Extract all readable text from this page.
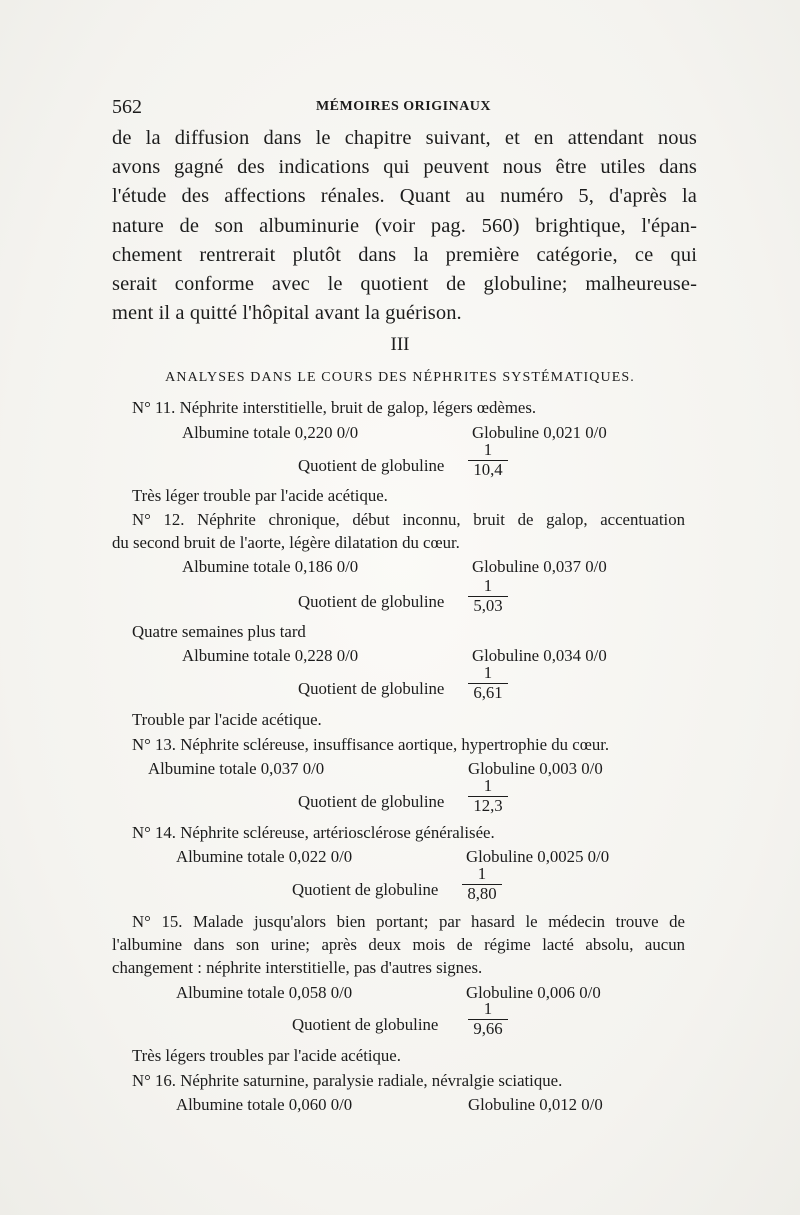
562	MÉMOIRES ORIGINAUX
de la diffusion dans le chapitre suivant, et en attendant nous
avons gagné des indications qui peuvent nous être utiles dans
l'étude des affections rénales. Quant au numéro 5, d'après la
nature de son albuminurie (voir pag. 560) brightique, l'épan-
chement rentrerait plutôt dans la première catégorie, ce qui
serait conforme avec le quotient de globuline; malheureuse-
ment il a quitté l'hôpital avant la guérison.
III
ANALYSES DANS LE COURS DES NÉPHRITES SYSTÉMATIQUES.
N° 11. Néphrite interstitielle, bruit de galop, légers œdèmes.
Albumine totale 0,220 0/0	Globuline 0,021 0/0
Quotient de globuline
1
10,4
Très léger trouble par l'acide acétique.
N° 12. Néphrite chronique, début inconnu, bruit de galop, accentuation
du second bruit de l'aorte, légère dilatation du cœur.
Albumine totale 0,186 0/0	Globuline 0,037 0/0
Quotient de globuline
1
5,03
Quatre semaines plus tard
Albumine totale 0,228 0/0	Globuline 0,034 0/0
Quotient de globuline
1
6,61
Trouble par l'acide acétique.
N° 13. Néphrite scléreuse, insuffisance aortique, hypertrophie du cœur.
Albumine totale 0,037 0/0	Globuline 0,003 0/0
Quotient de globuline
1
12,3
N° 14. Néphrite scléreuse, artériosclérose généralisée.
Albumine totale 0,022 0/0	Globuline 0,0025 0/0
Quotient de globuline
1
8,80
N° 15. Malade jusqu'alors bien portant; par hasard le médecin trouve de
l'albumine dans son urine; après deux mois de régime lacté absolu, aucun
changement : néphrite interstitielle, pas d'autres signes.
Albumine totale 0,058 0/0	Globuline 0,006 0/0
Quotient de globuline
1
9,66
Très légers troubles par l'acide acétique.
N° 16. Néphrite saturnine, paralysie radiale, névralgie sciatique.
Albumine totale 0,060 0/0	Globuline 0,012 0/0
